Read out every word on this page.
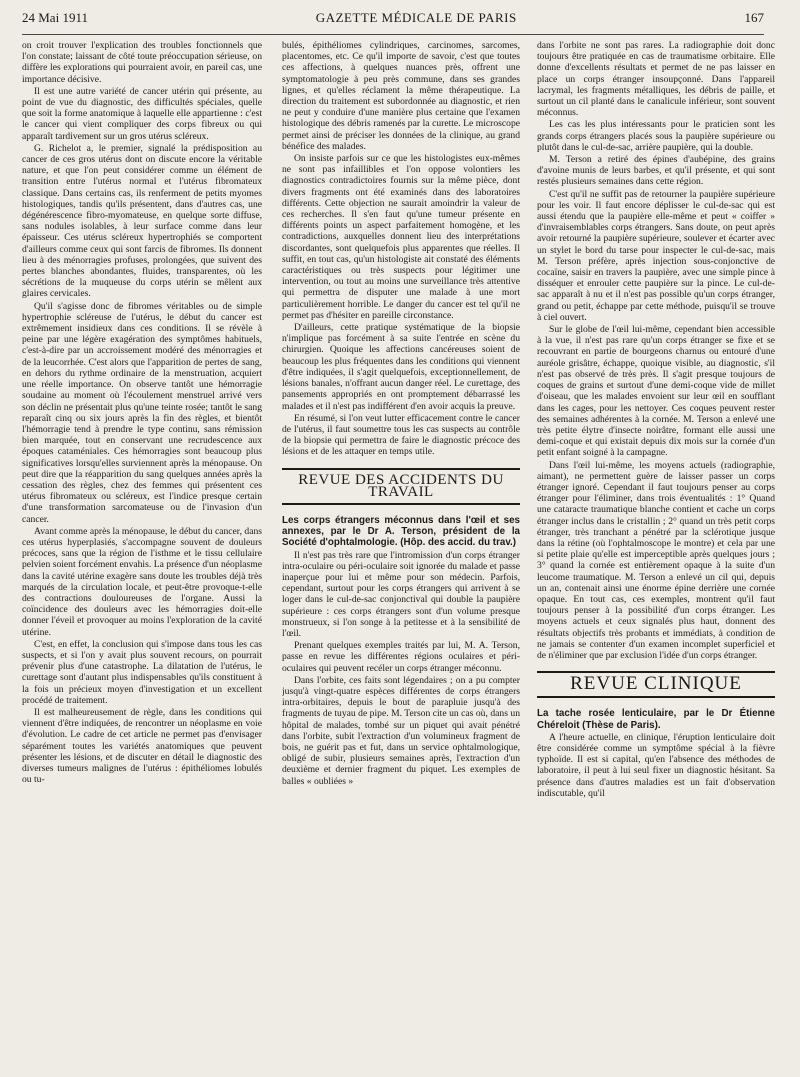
24 Mai 1911	GAZETTE MÉDICALE DE PARIS	167

on croit trouver l'explication des troubles fonctionnels que l'on constate; laissant de côté toute préoccupation sérieuse, on diffère les explorations qui pourraient avoir, en pareil cas, une importance décisive.

Il est une autre variété de cancer utérin qui présente, au point de vue du diagnostic, des difficultés spéciales, quelle que soit la forme anatomique à laquelle elle appartienne : c'est le cancer qui vient compliquer des corps fibreux ou qui apparaît tardivement sur un gros utérus scléreux.

G. Richelot a, le premier, signalé la prédisposition au cancer de ces gros utérus dont on discute encore la véritable nature, et que l'on peut considérer comme un élément de transition entre l'utérus normal et l'utérus fibromateux classique. Dans certains cas, ils renferment de petits myomes histologiques, tandis qu'ils présentent, dans d'autres cas, une dégénérescence fibro-myomateuse, en quelque sorte diffuse, sans nodules isolables, à leur surface comme dans leur épaisseur. Ces utérus scléreux hypertrophiés se comportent d'ailleurs comme ceux qui sont farcis de fibromes. Ils donnent lieu à des ménorragies profuses, prolongées, que suivent des pertes blanches abondantes, fluides, transparentes, où les sécrétions de la muqueuse du corps utérin se mêlent aux glaires cervicales.

Qu'il s'agisse donc de fibromes véritables ou de simple hypertrophie scléreuse de l'utérus, le début du cancer est extrêmement insidieux dans ces conditions. Il se révèle à peine par une légère exagération des symptômes habituels, c'est-à-dire par un accroissement modéré des ménorragies et de la leucorrhée. C'est alors que l'apparition de pertes de sang, en dehors du rythme ordinaire de la menstruation, acquiert une réelle importance. On observe tantôt une hémorragie soudaine au moment où l'écoulement menstruel arrivé vers son déclin ne présentait plus qu'une teinte rosée; tantôt le sang reparaît cinq ou six jours après la fin des règles, et bientôt l'hémorragie tend à prendre le type continu, sans rémission bien marquée, tout en conservant une recrudescence aux époques cataméniales. Ces hémorragies sont beaucoup plus significatives lorsqu'elles surviennent après la ménopause. On peut dire que la réapparition du sang quelques années après la cessation des règles, chez des femmes qui présentent ces utérus fibromateux ou scléreux, est l'indice presque certain d'une transformation sarcomateuse ou de l'invasion d'un cancer.

Avant comme après la ménopause, le début du cancer, dans ces utérus hyperplasiés, s'accompagne souvent de douleurs précoces, sans que la région de l'isthme et le tissu cellulaire pelvien soient forcément envahis. La présence d'un néoplasme dans la cavité utérine exagère sans doute les troubles déjà très marqués de la circulation locale, et peut-être provoque-t-elle des contractions douloureuses de l'organe. Aussi la coïncidence des douleurs avec les hémorragies doit-elle donner l'éveil et provoquer au moins l'exploration de la cavité utérine.

C'est, en effet, la conclusion qui s'impose dans tous les cas suspects, et si l'on y avait plus souvent recours, on pourrait prévenir plus d'une catastrophe. La dilatation de l'utérus, le curettage sont d'autant plus indispensables qu'ils constituent à la fois un précieux moyen d'investigation et un excellent procédé de traitement.

Il est malheureusement de règle, dans les conditions qui viennent d'être indiquées, de rencontrer un néoplasme en voie d'évolution. Le cadre de cet article ne permet pas d'envisager séparément toutes les variétés anatomiques que peuvent présenter les lésions, et de discuter en détail le diagnostic des diverses tumeurs malignes de l'utérus : épithéliomes lobulés ou tu-

bulés, épithéliomes cylindriques, carcinomes, sarcomes, placentomes, etc. Ce qu'il importe de savoir, c'est que toutes ces affections, à quelques nuances près, offrent une symptomatologie à peu près commune, dans ses grandes lignes, et qu'elles réclament la même thérapeutique. La direction du traitement est subordonnée au diagnostic, et rien ne peut y conduire d'une manière plus certaine que l'examen histologique des débris ramenés par la curette. Le microscope permet ainsi de préciser les données de la clinique, au grand bénéfice des malades.

On insiste parfois sur ce que les histologistes eux-mêmes ne sont pas infaillibles et l'on oppose volontiers les diagnostics contradictoires fournis sur la même pièce, dont divers fragments ont été examinés dans des laboratoires différents. Cette objection ne saurait amoindrir la valeur de ces recherches. Il s'en faut qu'une tumeur présente en différents points un aspect parfaitement homogène, et les contradictions, auxquelles donnent lieu des interprétations discordantes, sont quelquefois plus apparentes que réelles. Il suffit, en tout cas, qu'un histologiste ait constaté des éléments caractéristiques ou très suspects pour légitimer une intervention, ou tout au moins une surveillance très attentive qui permettra de disputer une malade à une mort particulièrement horrible. Le danger du cancer est tel qu'il ne permet pas d'hésiter en pareille circonstance.

D'ailleurs, cette pratique systématique de la biopsie n'implique pas forcément à sa suite l'entrée en scène du chirurgien. Quoique les affections cancéreuses soient de beaucoup les plus fréquentes dans les conditions qui viennent d'être indiquées, il s'agit quelquefois, exceptionnellement, de lésions banales, n'offrant aucun danger réel. Le curettage, des pansements appropriés en ont promptement débarrassé les malades et il n'est pas indifférent d'en avoir acquis la preuve.

En résumé, si l'on veut lutter efficacement contre le cancer de l'utérus, il faut soumettre tous les cas suspects au contrôle de la biopsie qui permettra de faire le diagnostic précoce des lésions et de les attaquer en temps utile.

REVUE DES ACCIDENTS DU TRAVAIL

Les corps étrangers méconnus dans l'œil et ses annexes, par le Dr A. Terson, président de la Société d'ophtalmologie. (Hôp. des accid. du trav.)

Il n'est pas très rare que l'intromission d'un corps étranger intra-oculaire ou péri-oculaire soit ignorée du malade et passe inaperçue pour lui et même pour son médecin. Parfois, cependant, surtout pour les corps étrangers qui arrivent à se loger dans le cul-de-sac conjonctival qui double la paupière supérieure : ces corps étrangers sont d'un volume presque monstrueux, si l'on songe à la petitesse et à la sensibilité de l'œil.

Prenant quelques exemples traités par lui, M. A. Terson, passe en revue les différentes régions oculaires et péri-oculaires qui peuvent recéler un corps étranger méconnu.

Dans l'orbite, ces faits sont légendaires ; on a pu compter jusqu'à vingt-quatre espèces différentes de corps étrangers intra-orbitaires, depuis le bout de parapluie jusqu'à des fragments de tuyau de pipe. M. Terson cite un cas où, dans un hôpital de malades, tombé sur un piquet qui avait pénétré dans l'orbite, subit l'extraction d'un volumineux fragment de bois, ne guérit pas et fut, dans un service ophtalmologique, obligé de subir, plusieurs semaines après, l'extraction d'un deuxième et dernier fragment du piquet. Les exemples de balles « oubliées »

dans l'orbite ne sont pas rares. La radiographie doit donc toujours être pratiquée en cas de traumatisme orbitaire. Elle donne d'excellents résultats et permet de ne pas laisser en place un corps étranger insoupçonné. Dans l'appareil lacrymal, les fragments métalliques, les débris de paille, et surtout un cil planté dans le canalicule inférieur, sont souvent méconnus.

Les cas les plus intéressants pour le praticien sont les grands corps étrangers placés sous la paupière supérieure ou plutôt dans le cul-de-sac, arrière paupière, qui la double.

M. Terson a retiré des épines d'aubépine, des grains d'avoine munis de leurs barbes, et qu'il présente, et qui sont restés plusieurs semaines dans cette région.

C'est qu'il ne suffit pas de retourner la paupière supérieure pour les voir. Il faut encore déplisser le cul-de-sac qui est aussi étendu que la paupière elle-même et peut « coiffer » d'invraisemblables corps étrangers. Sans doute, on peut après avoir retourné la paupière supérieure, soulever et écarter avec un stylet le bord du tarse pour inspecter le cul-de-sac, mais M. Terson préfère, après injection sous-conjonctive de cocaïne, saisir en travers la paupière, avec une simple pince à disséquer et enrouler cette paupière sur la pince. Le cul-de-sac apparaît à nu et il n'est pas possible qu'un corps étranger, grand ou petit, échappe par cette méthode, puisqu'il se trouve à ciel ouvert.

Sur le globe de l'œil lui-même, cependant bien accessible à la vue, il n'est pas rare qu'un corps étranger se fixe et se recouvrant en partie de bourgeons charnus ou entouré d'une auréole grisâtre, échappe, quoique visible, au diagnostic, s'il n'est pas observé de très près. Il s'agit presque toujours de coques de grains et surtout d'une demi-coque vide de millet d'oiseau, que les malades envoient sur leur œil en soufflant dans les cages, pour les nettoyer. Ces coques peuvent rester des semaines adhérentes à la cornée. M. Terson a enlevé une très petite élytre d'insecte noirâtre, formant elle aussi une demi-coque et qui existait depuis dix mois sur la cornée d'un petit enfant soigné à la campagne.

Dans l'œil lui-même, les moyens actuels (radiographie, aimant), ne permettent guère de laisser passer un corps étranger ignoré. Cependant il faut toujours penser au corps étranger pour l'éliminer, dans trois éventualités : 1° Quand une cataracte traumatique blanche contient et cache un corps étranger inclus dans le cristallin ; 2° quand un très petit corps étranger, très tranchant a pénétré par la sclérotique jusque dans la rétine (où l'ophtalmoscope le montre) et cela par une si petite plaie qu'elle est imperceptible après quelques jours ; 3° quand la cornée est entièrement opaque à la suite d'un leucome traumatique. M. Terson a enlevé un cil qui, depuis un an, contenait ainsi une énorme épine derrière une cornée opaque. En tout cas, ces exemples, montrent qu'il faut toujours penser à la possibilité d'un corps étranger. Les moyens actuels et ceux signalés plus haut, donnent des résultats objectifs très probants et immédiats, à condition de ne jamais se contenter d'un examen incomplet superficiel et de n'éliminer que par exclusion l'idée d'un corps étranger.

REVUE CLINIQUE

La tache rosée lenticulaire, par le Dr Étienne Chéreloit (Thèse de Paris).

A l'heure actuelle, en clinique, l'éruption lenticulaire doit être considérée comme un symptôme spécial à la fièvre typhoïde. Il est si capital, qu'en l'absence des méthodes de laboratoire, il peut à lui seul fixer un diagnostic hésitant. Sa présence dans d'autres maladies est un fait d'observation indiscutable, qu'il
